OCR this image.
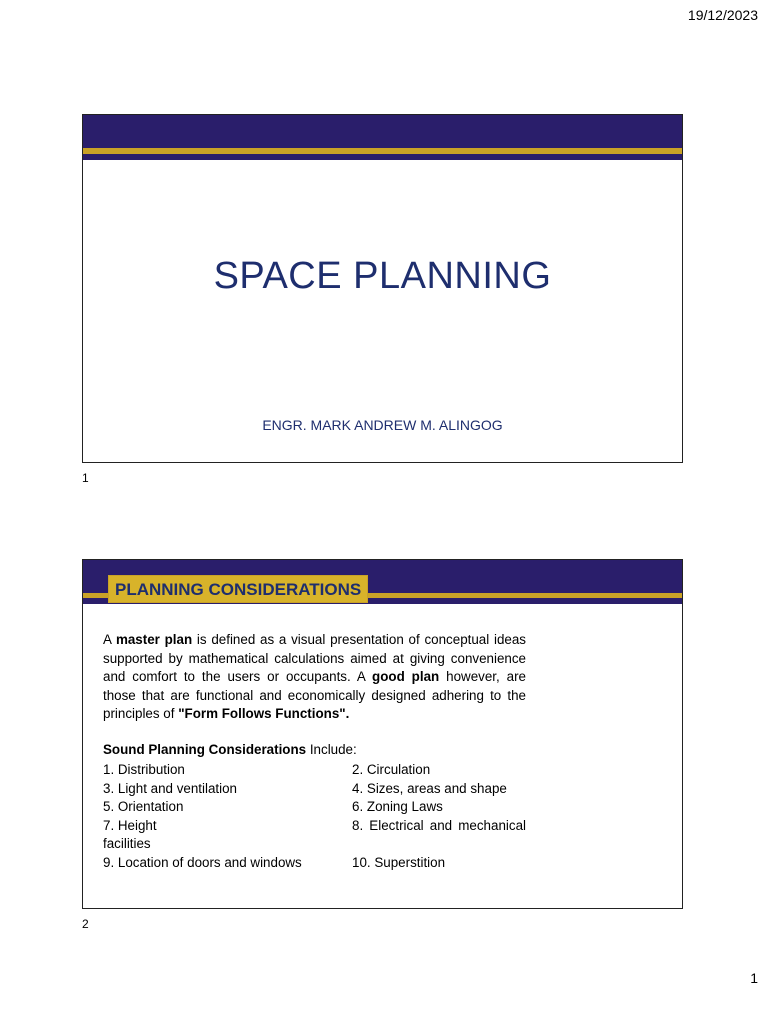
19/12/2023
SPACE PLANNING
ENGR. MARK ANDREW M. ALINGOG
1
PLANNING CONSIDERATIONS
A master plan is defined as a visual presentation of conceptual ideas supported by mathematical calculations aimed at giving convenience and comfort to the users or occupants. A good plan however, are those that are functional and economically designed adhering to the principles of "Form Follows Functions".
Sound Planning Considerations Include:
1. Distribution	2. Circulation
3. Light and ventilation	4. Sizes, areas and shape
5. Orientation	6. Zoning Laws
7. Height	8. Electrical and mechanical
facilities
9. Location of doors and windows	10. Superstition
2
1
